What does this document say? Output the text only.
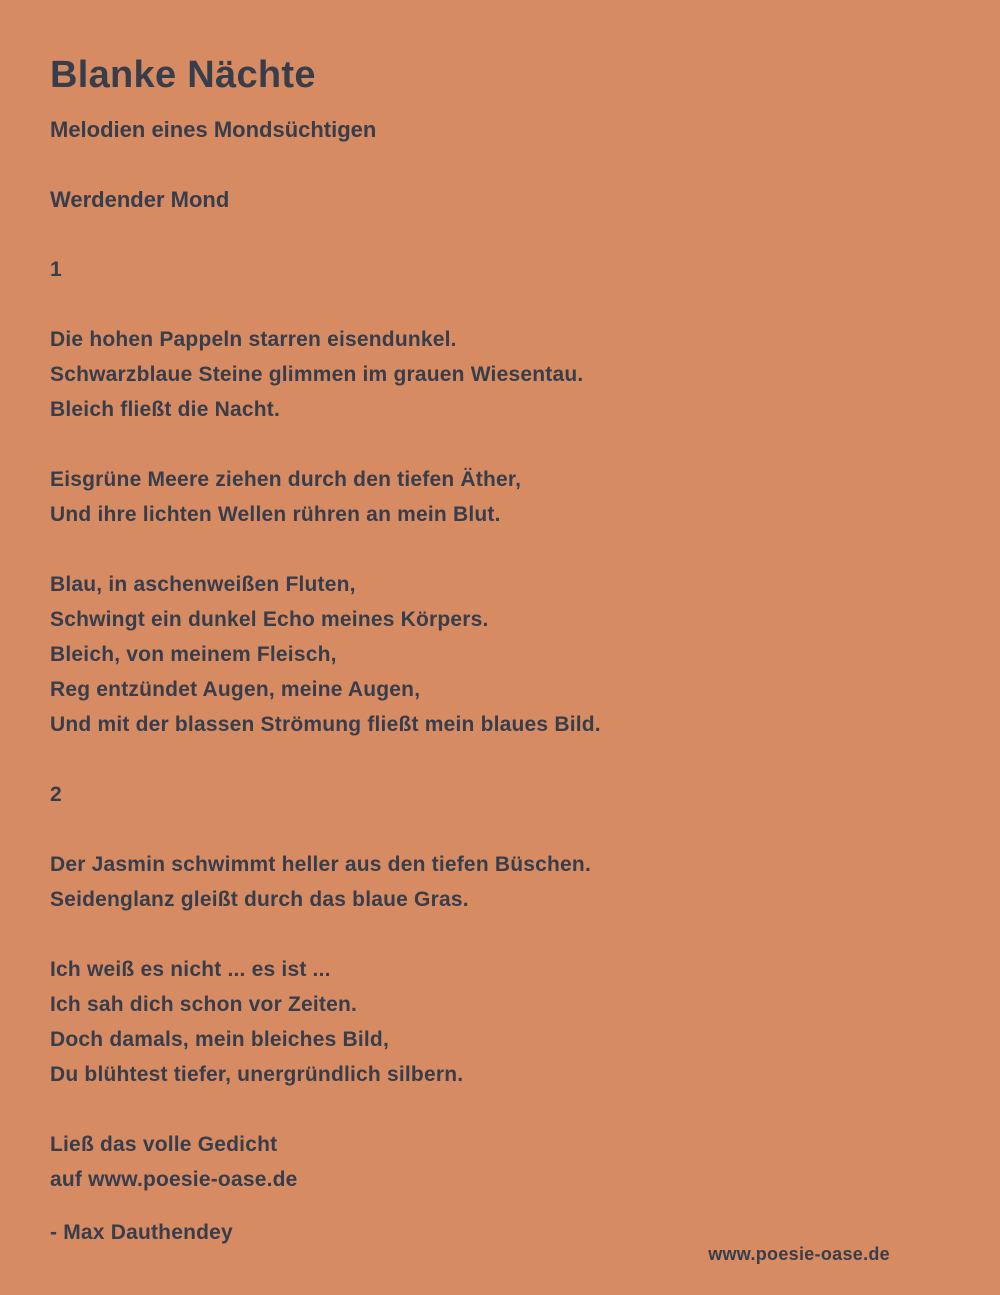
Blanke Nächte
Melodien eines Mondsüchtigen
Werdender Mond
1
Die hohen Pappeln starren eisendunkel.
Schwarzblaue Steine glimmen im grauen Wiesentau.
Bleich fließt die Nacht.
Eisgrüne Meere ziehen durch den tiefen Äther,
Und ihre lichten Wellen rühren an mein Blut.
Blau, in aschenweißen Fluten,
Schwingt ein dunkel Echo meines Körpers.
Bleich, von meinem Fleisch,
Reg entzündet Augen, meine Augen,
Und mit der blassen Strömung fließt mein blaues Bild.
2
Der Jasmin schwimmt heller aus den tiefen Büschen.
Seidenglanz gleißt durch das blaue Gras.
Ich weiß es nicht ... es ist ...
Ich sah dich schon vor Zeiten.
Doch damals, mein bleiches Bild,
Du blühtest tiefer, unergründlich silbern.
Ließ das volle Gedicht
auf www.poesie-oase.de
- Max Dauthendey
www.poesie-oase.de
